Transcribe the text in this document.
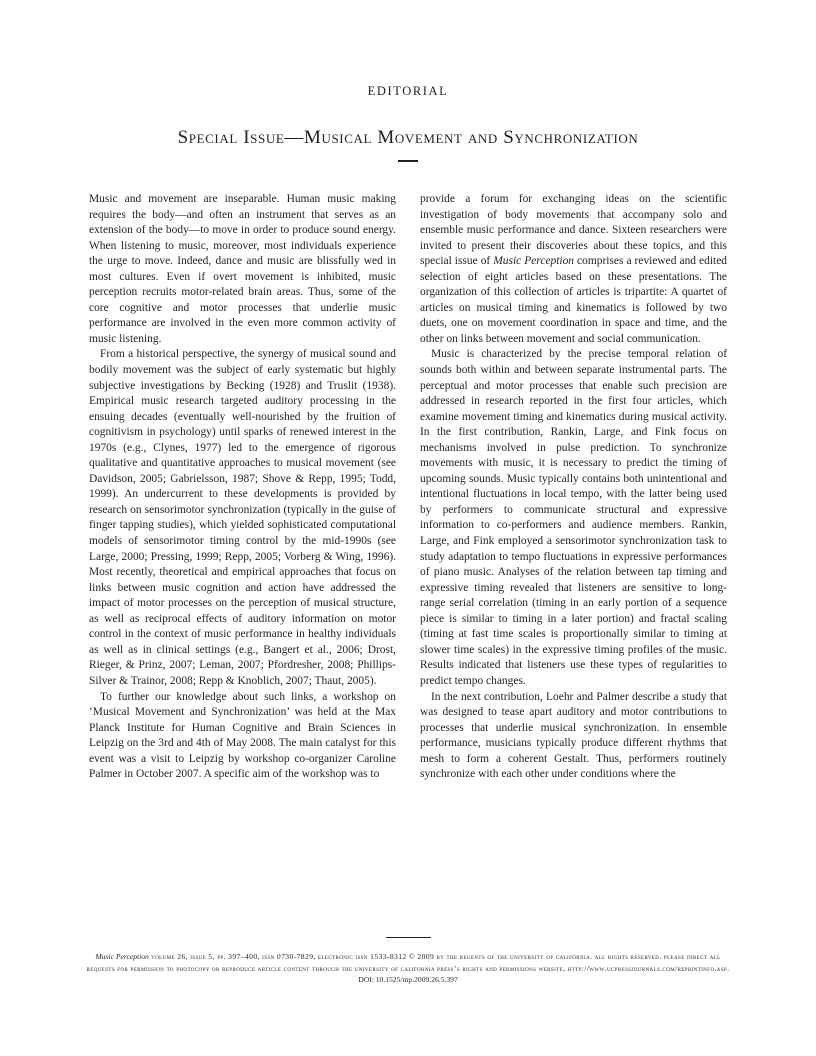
EDITORIAL
Special Issue—Musical Movement and Synchronization

Music and movement are inseparable. Human music making requires the body—and often an instrument that serves as an extension of the body—to move in order to produce sound energy. When listening to music, moreover, most individuals experience the urge to move. Indeed, dance and music are blissfully wed in most cultures. Even if overt movement is inhibited, music perception recruits motor-related brain areas. Thus, some of the core cognitive and motor processes that underlie music performance are involved in the even more common activity of music listening.

From a historical perspective, the synergy of musical sound and bodily movement was the subject of early systematic but highly subjective investigations by Becking (1928) and Truslit (1938). Empirical music research targeted auditory processing in the ensuing decades (eventually well-nourished by the fruition of cognitivism in psychology) until sparks of renewed interest in the 1970s (e.g., Clynes, 1977) led to the emergence of rigorous qualitative and quantitative approaches to musical movement (see Davidson, 2005; Gabrielsson, 1987; Shove & Repp, 1995; Todd, 1999). An undercurrent to these developments is provided by research on sensorimotor synchronization (typically in the guise of finger tapping studies), which yielded sophisticated computational models of sensorimotor timing control by the mid-1990s (see Large, 2000; Pressing, 1999; Repp, 2005; Vorberg & Wing, 1996). Most recently, theoretical and empirical approaches that focus on links between music cognition and action have addressed the impact of motor processes on the perception of musical structure, as well as reciprocal effects of auditory information on motor control in the context of music performance in healthy individuals as well as in clinical settings (e.g., Bangert et al., 2006; Drost, Rieger, & Prinz, 2007; Leman, 2007; Pfordresher, 2008; Phillips-Silver & Trainor, 2008; Repp & Knoblich, 2007; Thaut, 2005).

To further our knowledge about such links, a workshop on ‘Musical Movement and Synchronization’ was held at the Max Planck Institute for Human Cognitive and Brain Sciences in Leipzig on the 3rd and 4th of May 2008. The main catalyst for this event was a visit to Leipzig by workshop co-organizer Caroline Palmer in October 2007. A specific aim of the workshop was to

provide a forum for exchanging ideas on the scientific investigation of body movements that accompany solo and ensemble music performance and dance. Sixteen researchers were invited to present their discoveries about these topics, and this special issue of Music Perception comprises a reviewed and edited selection of eight articles based on these presentations. The organization of this collection of articles is tripartite: A quartet of articles on musical timing and kinematics is followed by two duets, one on movement coordination in space and time, and the other on links between movement and social communication.

Music is characterized by the precise temporal relation of sounds both within and between separate instrumental parts. The perceptual and motor processes that enable such precision are addressed in research reported in the first four articles, which examine movement timing and kinematics during musical activity. In the first contribution, Rankin, Large, and Fink focus on mechanisms involved in pulse prediction. To synchronize movements with music, it is necessary to predict the timing of upcoming sounds. Music typically contains both unintentional and intentional fluctuations in local tempo, with the latter being used by performers to communicate structural and expressive information to co-performers and audience members. Rankin, Large, and Fink employed a sensorimotor synchronization task to study adaptation to tempo fluctuations in expressive performances of piano music. Analyses of the relation between tap timing and expressive timing revealed that listeners are sensitive to long-range serial correlation (timing in an early portion of a sequence piece is similar to timing in a later portion) and fractal scaling (timing at fast time scales is proportionally similar to timing at slower time scales) in the expressive timing profiles of the music. Results indicated that listeners use these types of regularities to predict tempo changes.

In the next contribution, Loehr and Palmer describe a study that was designed to tease apart auditory and motor contributions to processes that underlie musical synchronization. In ensemble performance, musicians typically produce different rhythms that mesh to form a coherent Gestalt. Thus, performers routinely synchronize with each other under conditions where the

Music Perception volume 26, issue 5, pp. 397–400, issn 0730-7829, electronic issn 1533-8312 © 2009 by the regents of the university of california. all rights reserved. please direct all requests for permission to photocopy or reproduce article content through the university of california press’s rights and permissions website, http://www.ucpressjournals.com/reprintinfo.asp. DOI: 10.1525/mp.2009.26.5.397
